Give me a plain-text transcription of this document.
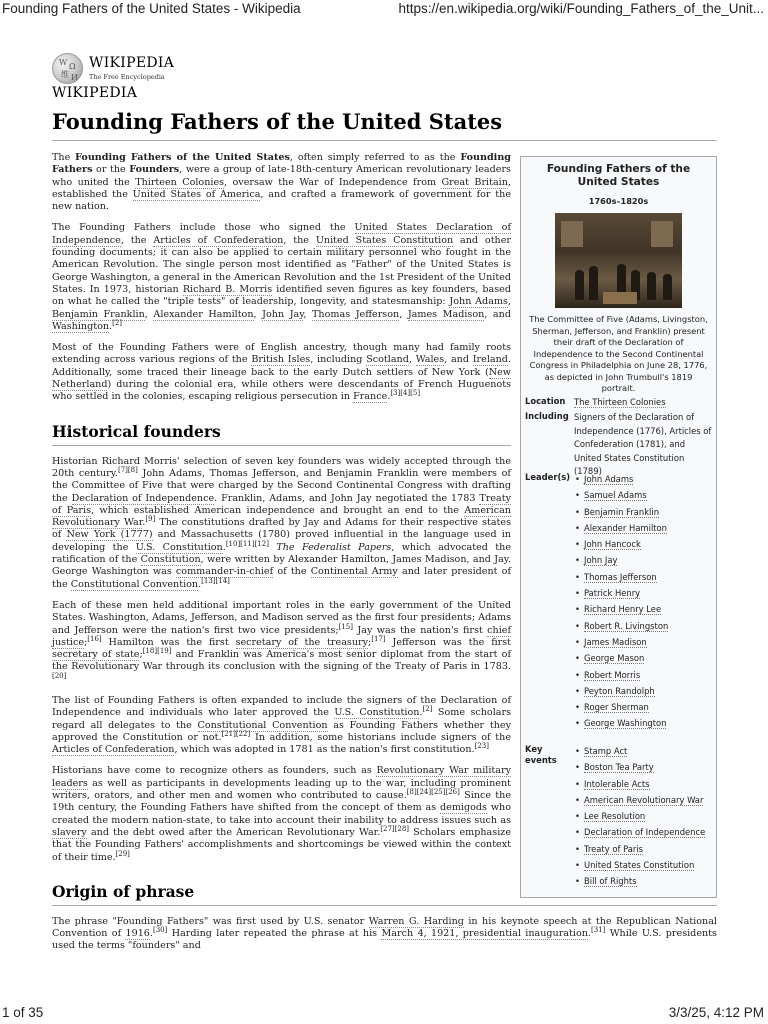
Founding Fathers of the United States - Wikipedia	https://en.wikipedia.org/wiki/Founding_Fathers_of_the_Unit...
W Ω
维 И
WIKIPEDIA
The Free Encyclopedia
WIKIPEDIA
Founding Fathers of the United States

The Founding Fathers of the United States, often simply referred to as the Founding Fathers or the Founders, were a group of late-18th-century American revolutionary leaders who united the Thirteen Colonies, oversaw the War of Independence from Great Britain, established the United States of America, and crafted a framework of government for the new nation.

The Founding Fathers include those who signed the United States Declaration of Independence, the Articles of Confederation, the United States Constitution and other founding documents; it can also be applied to certain military personnel who fought in the American Revolution. The single person most identified as "Father" of the United States is George Washington, a general in the American Revolution and the 1st President of the United States. In 1973, historian Richard B. Morris identified seven figures as key founders, based on what he called the "triple tests" of leadership, longevity, and statesmanship: John Adams, Benjamin Franklin, Alexander Hamilton, John Jay, Thomas Jefferson, James Madison, and Washington.[2]

Most of the Founding Fathers were of English ancestry, though many had family roots extending across various regions of the British Isles, including Scotland, Wales, and Ireland. Additionally, some traced their lineage back to the early Dutch settlers of New York (New Netherland) during the colonial era, while others were descendants of French Huguenots who settled in the colonies, escaping religious persecution in France.[3][4][5]

Historical founders

Historian Richard Morris' selection of seven key founders was widely accepted through the 20th century.[7][8] John Adams, Thomas Jefferson, and Benjamin Franklin were members of the Committee of Five that were charged by the Second Continental Congress with drafting the Declaration of Independence. Franklin, Adams, and John Jay negotiated the 1783 Treaty of Paris, which established American independence and brought an end to the American Revolutionary War.[9] The constitutions drafted by Jay and Adams for their respective states of New York (1777) and Massachusetts (1780) proved influential in the language used in developing the U.S. Constitution.[10][11][12] The Federalist Papers, which advocated the ratification of the Constitution, were written by Alexander Hamilton, James Madison, and Jay. George Washington was commander-in-chief of the Continental Army and later president of the Constitutional Convention.[13][14]

Each of these men held additional important roles in the early government of the United States. Washington, Adams, Jefferson, and Madison served as the first four presidents; Adams and Jefferson were the nation's first two vice presidents;[15] Jay was the nation's first chief justice;[16] Hamilton was the first secretary of the treasury;[17] Jefferson was the first secretary of state;[18][19] and Franklin was America's most senior diplomat from the start of the Revolutionary War through its conclusion with the signing of the Treaty of Paris in 1783.[20]

The list of Founding Fathers is often expanded to include the signers of the Declaration of Independence and individuals who later approved the U.S. Constitution.[2] Some scholars regard all delegates to the Constitutional Convention as Founding Fathers whether they approved the Constitution or not.[21][22] In addition, some historians include signers of the Articles of Confederation, which was adopted in 1781 as the nation's first constitution.[23]

Historians have come to recognize others as founders, such as Revolutionary War military leaders as well as participants in developments leading up to the war, including prominent writers, orators, and other men and women who contributed to cause.[8][24][25][26] Since the 19th century, the Founding Fathers have shifted from the concept of them as demigods who created the modern nation-state, to take into account their inability to address issues such as slavery and the debt owed after the American Revolutionary War.[27][28] Scholars emphasize that the Founding Fathers' accomplishments and shortcomings be viewed within the context of their time.[29]

Origin of phrase

The phrase "Founding Fathers" was first used by U.S. senator Warren G. Harding in his keynote speech at the Republican National Convention of 1916.[30] Harding later repeated the phrase at his March 4, 1921, presidential inauguration.[31] While U.S. presidents used the terms "founders" and

Founding Fathers of the United States
1760s–1820s
The Committee of Five (Adams, Livingston, Sherman, Jefferson, and Franklin) present their draft of the Declaration of Independence to the Second Continental Congress in Philadelphia on June 28, 1776, as depicted in John Trumbull's 1819 portrait.
Location	The Thirteen Colonies
Including Signers of the Declaration of Independence (1776), Articles of Confederation (1781), and United States Constitution (1789)
Leader(s)
•	John Adams
• Samuel Adams
• Benjamin Franklin
• Alexander Hamilton
• John Hancock
• John Jay
• Thomas Jefferson
• Patrick Henry
• Richard Henry Lee
• Robert R. Livingston
• James Madison
• George Mason
• Robert Morris
• Peyton Randolph
• Roger Sherman
• George Washington
Key events
• Stamp Act
• Boston Tea Party
• Intolerable Acts
• American Revolutionary War
• Lee Resolution
• Declaration of Independence
• Treaty of Paris
• United States Constitution
• Bill of Rights
1 of 35	3/3/25, 4:12 PM
